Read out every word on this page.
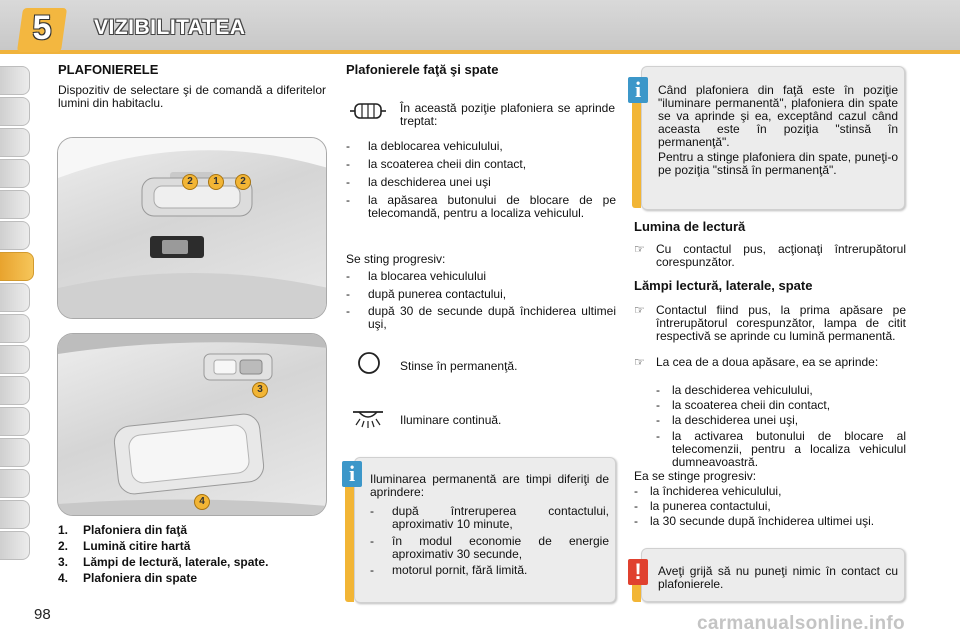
5	VIZIBILITATEA
PLAFONIERELE
Dispozitiv de selectare şi de comandă a diferitelor lumini din habitaclu.
2	1	2
3
4
1. Plafoniera din faţă
2. Lumină citire hartă
3. Lămpi de lectură, laterale, spate.
4. Plafoniera din spate
Plafonierele faţă şi spate
În această poziţie plafoniera se aprinde treptat:
- la deblocarea vehiculului,
- la scoaterea cheii din contact,
- la deschiderea unei uşi
- la apăsarea butonului de blocare de pe telecomandă, pentru a localiza vehiculul.
Se sting progresiv:
- la blocarea vehiculului
- după punerea contactului,
- după 30 de secunde după închiderea ultimei uşi,
Stinse în permanenţă.
Iluminare continuă.
i	Iluminarea permanentă are timpi diferiţi de aprindere:
- după întreruperea contactului, aproximativ 10 minute,
- în modul economie de energie aproximativ 30 secunde,
- motorul pornit, fără limită.
i	Când plafoniera din faţă este în poziţie "iluminare permanentă", plafoniera din spate se va aprinde şi ea, exceptând cazul când aceasta este în poziţia "stinsă în permanenţă".
Pentru a stinge plafoniera din spate, puneţi-o pe poziţia "stinsă în permanenţă".
Lumina de lectură
☞ Cu contactul pus, acţionaţi întrerupătorul corespunzător.
Lămpi lectură, laterale, spate
☞ Contactul fiind pus, la prima apăsare pe întrerupătorul corespunzător, lampa de citit respectivă se aprinde cu lumină permanentă.
☞ La cea de a doua apăsare, ea se aprinde:
- la deschiderea vehiculului,
- la scoaterea cheii din contact,
- la deschiderea unei uşi,
- la activarea butonului de blocare al telecomenzii, pentru a localiza vehiculul dumneavoastră.
Ea se stinge progresiv:
- la închiderea vehiculului,
- la punerea contactului,
- la 30 secunde după închiderea ultimei uşi.
!	Aveţi grijă să nu puneţi nimic în contact cu plafonierele.
98	carmanualsonline.info
